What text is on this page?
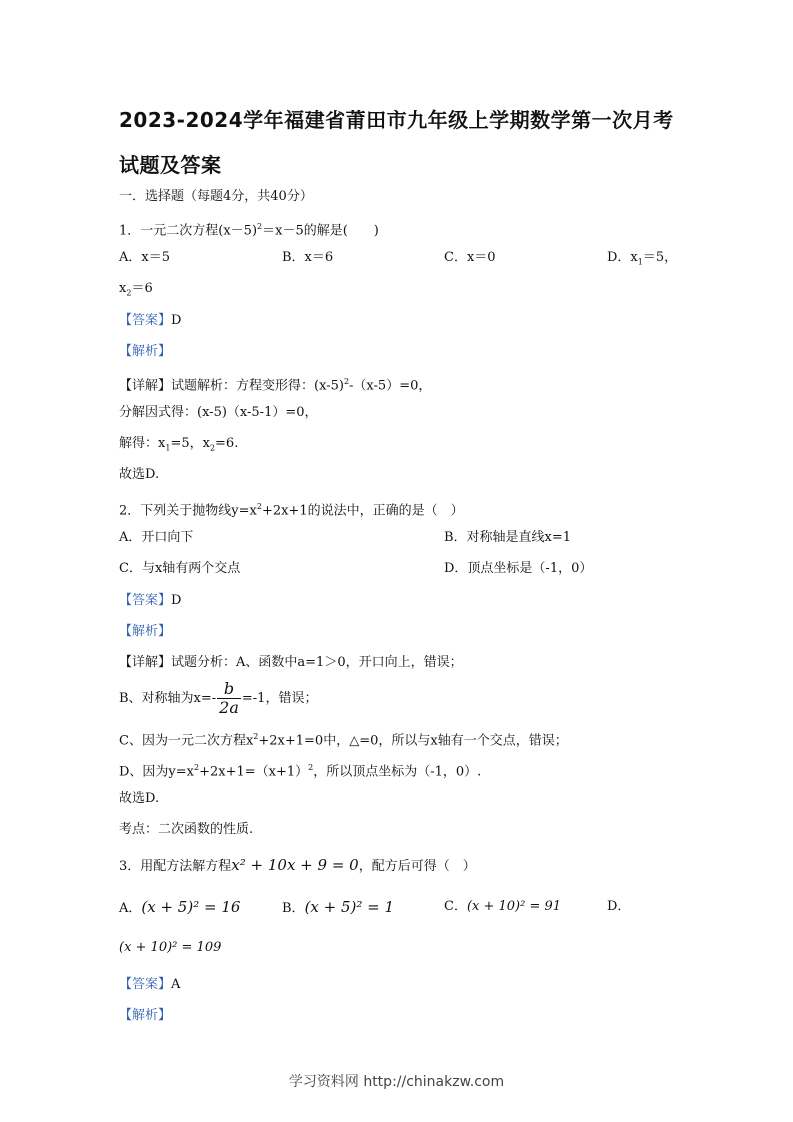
2023-2024学年福建省莆田市九年级上学期数学第一次月考
试题及答案
一．选择题（每题4分，共40分）
1．一元二次方程$(x-5)^2=x-5$的解是(　　)
A．x＝5	B．x＝6	C．x＝0	D．$x_1=5$，
$x_2=6$
【答案】D
【解析】
【详解】试题解析：方程变形得：$(x-5)^2-(x-5)=0$，
分解因式得：(x-5)（x-5-1）=0，
解得：$x_1=5$，$x_2=6$.
故选D.
2．下列关于抛物线$y=x^2+2x+1$的说法中，正确的是（　）
A．开口向下	B．对称轴是直线x=1
C．与x轴有两个交点	D．顶点坐标是（-1，0）
【答案】D
【解析】
【详解】试题分析：A、函数中a=1＞0，开口向上，错误；
B、对称轴为$x=- \frac{b}{2a} =-1$，错误；
C、因为一元二次方程$x^2+2x+1=0$中，△=0，所以与x轴有一个交点，错误；
D、因为$y=x^2+2x+1=(x+1)^2$，所以顶点坐标为（-1，0）.
故选D.
考点：二次函数的性质.
3．用配方法解方程x² + 10x + 9 = 0，配方后可得（　）
A．(x + 5)² = 16	B．(x + 5)² = 1	C．(x + 10)² = 91	D．
(x + 10)² = 109
【答案】A
【解析】
学习资料网 http://chinakzw.com
